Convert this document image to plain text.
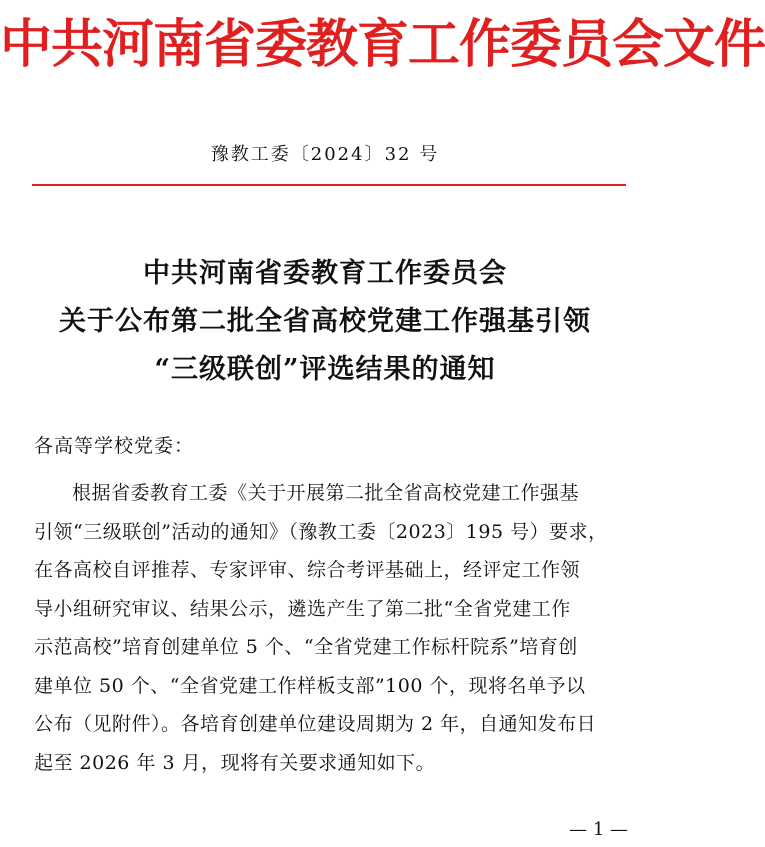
中共河南省委教育工作委员会文件
豫教工委〔2024〕32 号
中共河南省委教育工作委员会
关于公布第二批全省高校党建工作强基引领
“三级联创”评选结果的通知
各高等学校党委：
根据省委教育工委《关于开展第二批全省高校党建工作强基
引领“三级联创”活动的通知》（豫教工委〔2023〕195 号）要求，
在各高校自评推荐、专家评审、综合考评基础上，经评定工作领
导小组研究审议、结果公示，遴选产生了第二批“全省党建工作
示范高校”培育创建单位 5 个、“全省党建工作标杆院系”培育创
建单位 50 个、“全省党建工作样板支部”100 个，现将名单予以
公布（见附件）。各培育创建单位建设周期为 2 年，自通知发布日
起至 2026 年 3 月，现将有关要求通知如下。
— 1 —
